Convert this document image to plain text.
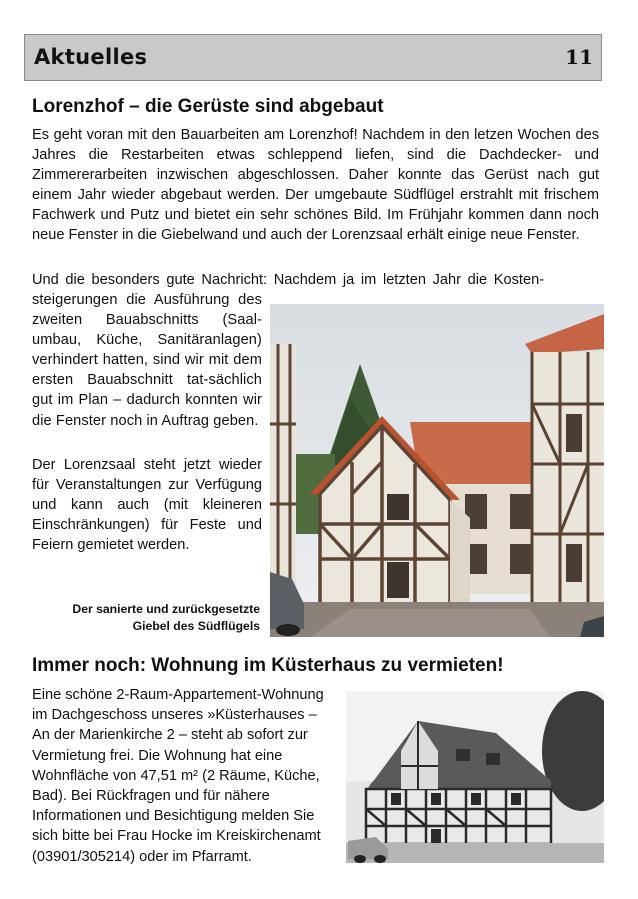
Aktuelles	11
Lorenzhof – die Gerüste sind abgebaut

Es geht voran mit den Bauarbeiten am Lorenzhof! Nachdem in den letzen Wochen des Jahres die Restarbeiten etwas schleppend liefen, sind die Dachdecker- und Zimmererarbeiten inzwischen abgeschlossen. Daher konnte das Gerüst nach gut einem Jahr wieder abgebaut werden. Der umgebaute Südflügel erstrahlt mit frischem Fachwerk und Putz und bietet ein sehr schönes Bild. Im Frühjahr kommen dann noch neue Fenster in die Giebelwand und auch der Lorenzsaal erhält einige neue Fenster.

Und die besonders gute Nachricht: Nachdem ja im letzten Jahr die Kosten-

steigerungen die Ausführung des zweiten Bauabschnitts (Saal-umbau, Küche, Sanitäranlagen) verhindert hatten, sind wir mit dem ersten Bauabschnitt tat-sächlich gut im Plan – dadurch konnten wir die Fenster noch in Auftrag geben.

Der Lorenzsaal steht jetzt wieder für Veranstaltungen zur Verfügung und kann auch (mit kleineren Einschränkungen) für Feste und Feiern gemietet werden.

Der sanierte und zurückgesetzte
Giebel des Südflügels
Immer noch: Wohnung im Küsterhaus zu vermieten!
Eine schöne 2-Raum-Appartement-Wohnung
im Dachgeschoss unseres »Küsterhauses –
An der Marienkirche 2 – steht ab sofort zur
Vermietung frei. Die Wohnung hat eine
Wohnfläche von 47,51 m² (2 Räume, Küche,
Bad). Bei Rückfragen und für nähere
Informationen und Besichtigung melden Sie
sich bitte bei Frau Hocke im Kreiskirchenamt
(03901/305214) oder im Pfarramt.
